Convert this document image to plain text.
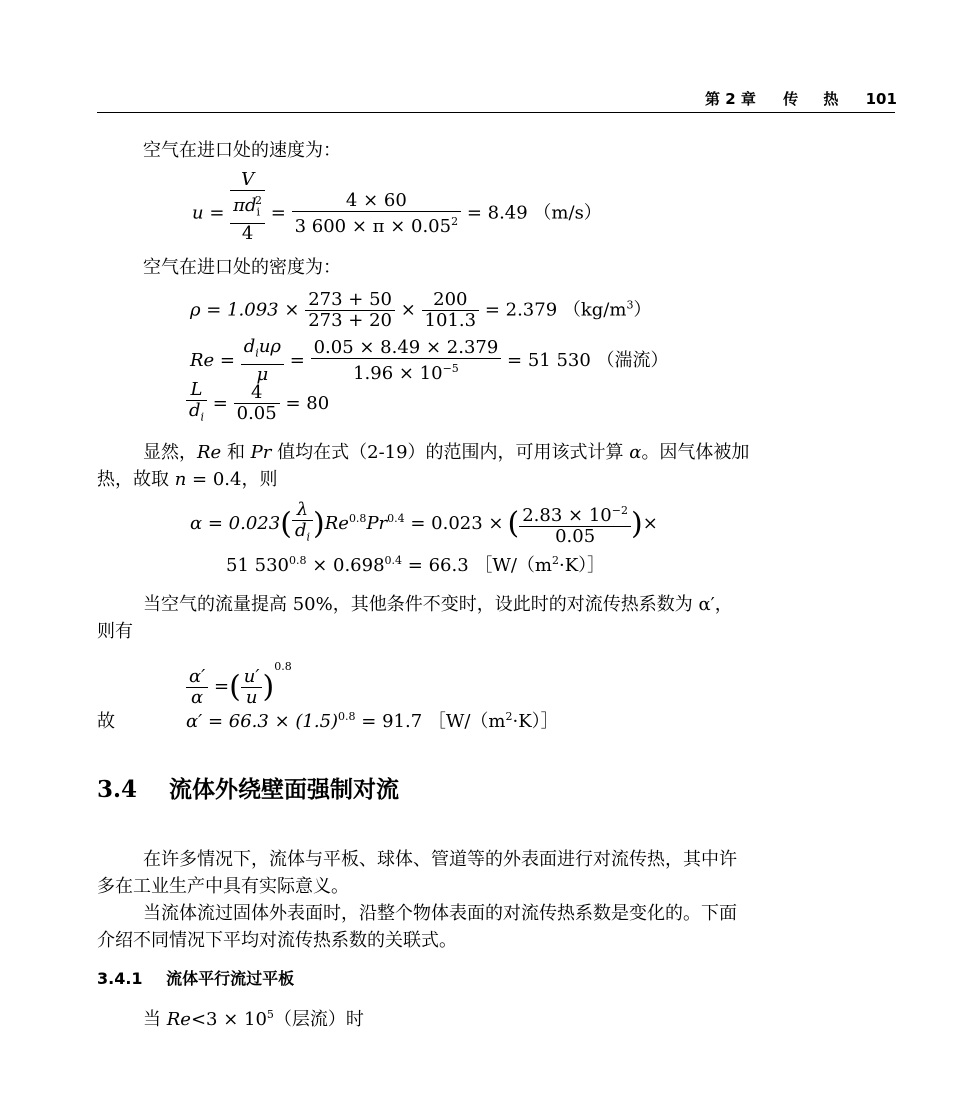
第 2 章 传 热 101
空气在进口处的速度为：
u =
V
$\pi d_i^2$
4
= $\frac{4 \times 60}{3 600 \times \pi \times 0.05^2} = 8.49$ （m/s）
空气在进口处的密度为：
$\rho = 1.093 \times \frac{273 + 50}{273 + 20} \times \frac{200}{101.3} = 2.379$ $(kg/m^3)$
$Re = \frac{d_iu\rho}{\mu} = \frac{0.05 \times 8.49 \times 2.379}{1.96 \times 10^{-5}} = 51$ 530 （湍流）
$\frac{L}{d_i} = \frac{4}{0.05} = 80$
显然，Re 和 Pr 值均在式（2-19）的范围内，可用该式计算 α。因气体被加
热，故取 n = 0.4，则
$\alpha = 0.023( \frac{\lambda}{d_i} )Re^{0.8}Pr^{0.4} = 0.023$ × ( $\frac{2.83 \times 10^{-2}}{0.05}$ )×
51 $530^{0.8} \times 0.698^{0.4} = 66.3$ $[W/(m^2\cdot K)]$
当空气的流量提高 50%，其他条件不变时，设此时的对流传热系数为 α′，
则有
$\frac{\alpha'}{\alpha}$ =( $\frac{u'}{u} )^{0.8}$
故	$\alpha' = 66.3 \times (1.5)^{0.8} = 91.7$ $[W/(m^2\cdot K)]$
3.4 流体外绕壁面强制对流
在许多情况下，流体与平板、球体、管道等的外表面进行对流传热，其中许
多在工业生产中具有实际意义。
当流体流过固体外表面时，沿整个物体表面的对流传热系数是变化的。下面
介绍不同情况下平均对流传热系数的关联式。
3.4.1 流体平行流过平板
当 $Re<3 \times 10^5$（层流）时
